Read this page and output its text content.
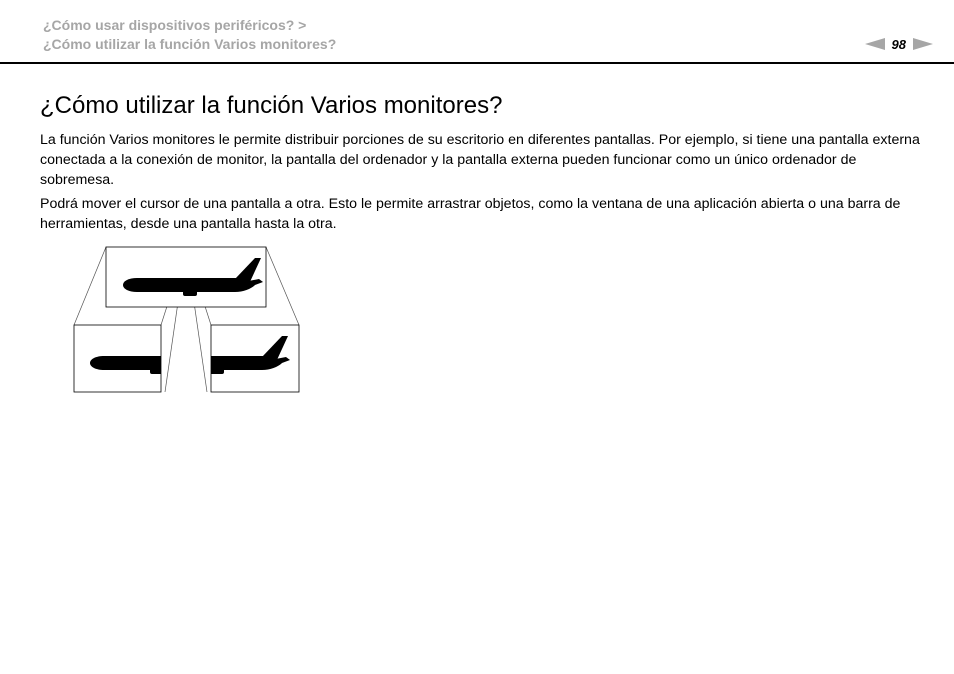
¿Cómo usar dispositivos periféricos? >
¿Cómo utilizar la función Varios monitores?	98
¿Cómo utilizar la función Varios monitores?

La función Varios monitores le permite distribuir porciones de su escritorio en diferentes pantallas. Por ejemplo, si tiene una pantalla externa conectada a la conexión de monitor, la pantalla del ordenador y la pantalla externa pueden funcionar como un único ordenador de sobremesa.

Podrá mover el cursor de una pantalla a otra. Esto le permite arrastrar objetos, como la ventana de una aplicación abierta o una barra de herramientas, desde una pantalla hasta la otra.
